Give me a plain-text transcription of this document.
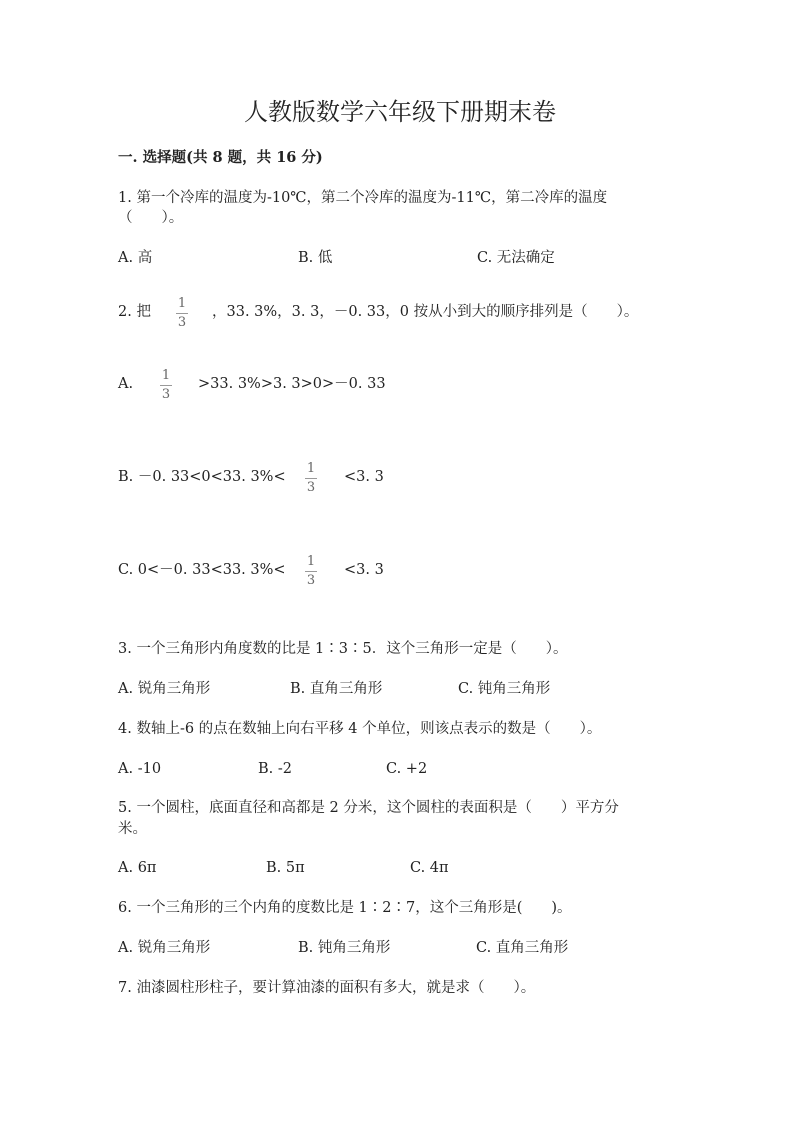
人教版数学六年级下册期末卷
一. 选择题(共 8 题，共 16 分)
1. 第一个冷库的温度为-10℃，第二个冷库的温度为-11℃，第二冷库的温度
（　　）。
A. 高	B. 低	C. 无法确定
2. 把
1
3
，33. 3%，3. 3，－0. 33，0 按从小到大的顺序排列是（　　）。
A.
1
3
>33. 3%>3. 3>0>－0. 33
B. －0. 33<0<33. 3%<
1
3
<3. 3
C. 0<－0. 33<33. 3%<
1
3
<3. 3
3. 一个三角形内角度数的比是 1∶3∶5．这个三角形一定是（　　）。
A. 锐角三角形	B. 直角三角形	C. 钝角三角形
4. 数轴上-6 的点在数轴上向右平移 4 个单位，则该点表示的数是（　　）。
A. -10	B. -2	C. +2
5. 一个圆柱，底面直径和高都是 2 分米，这个圆柱的表面积是（　　）平方分
米。
A. 6π	B. 5π	C. 4π
6. 一个三角形的三个内角的度数比是 1∶2∶7，这个三角形是(　　)。
A. 锐角三角形	B. 钝角三角形	C. 直角三角形
7. 油漆圆柱形柱子，要计算油漆的面积有多大，就是求（　　）。
